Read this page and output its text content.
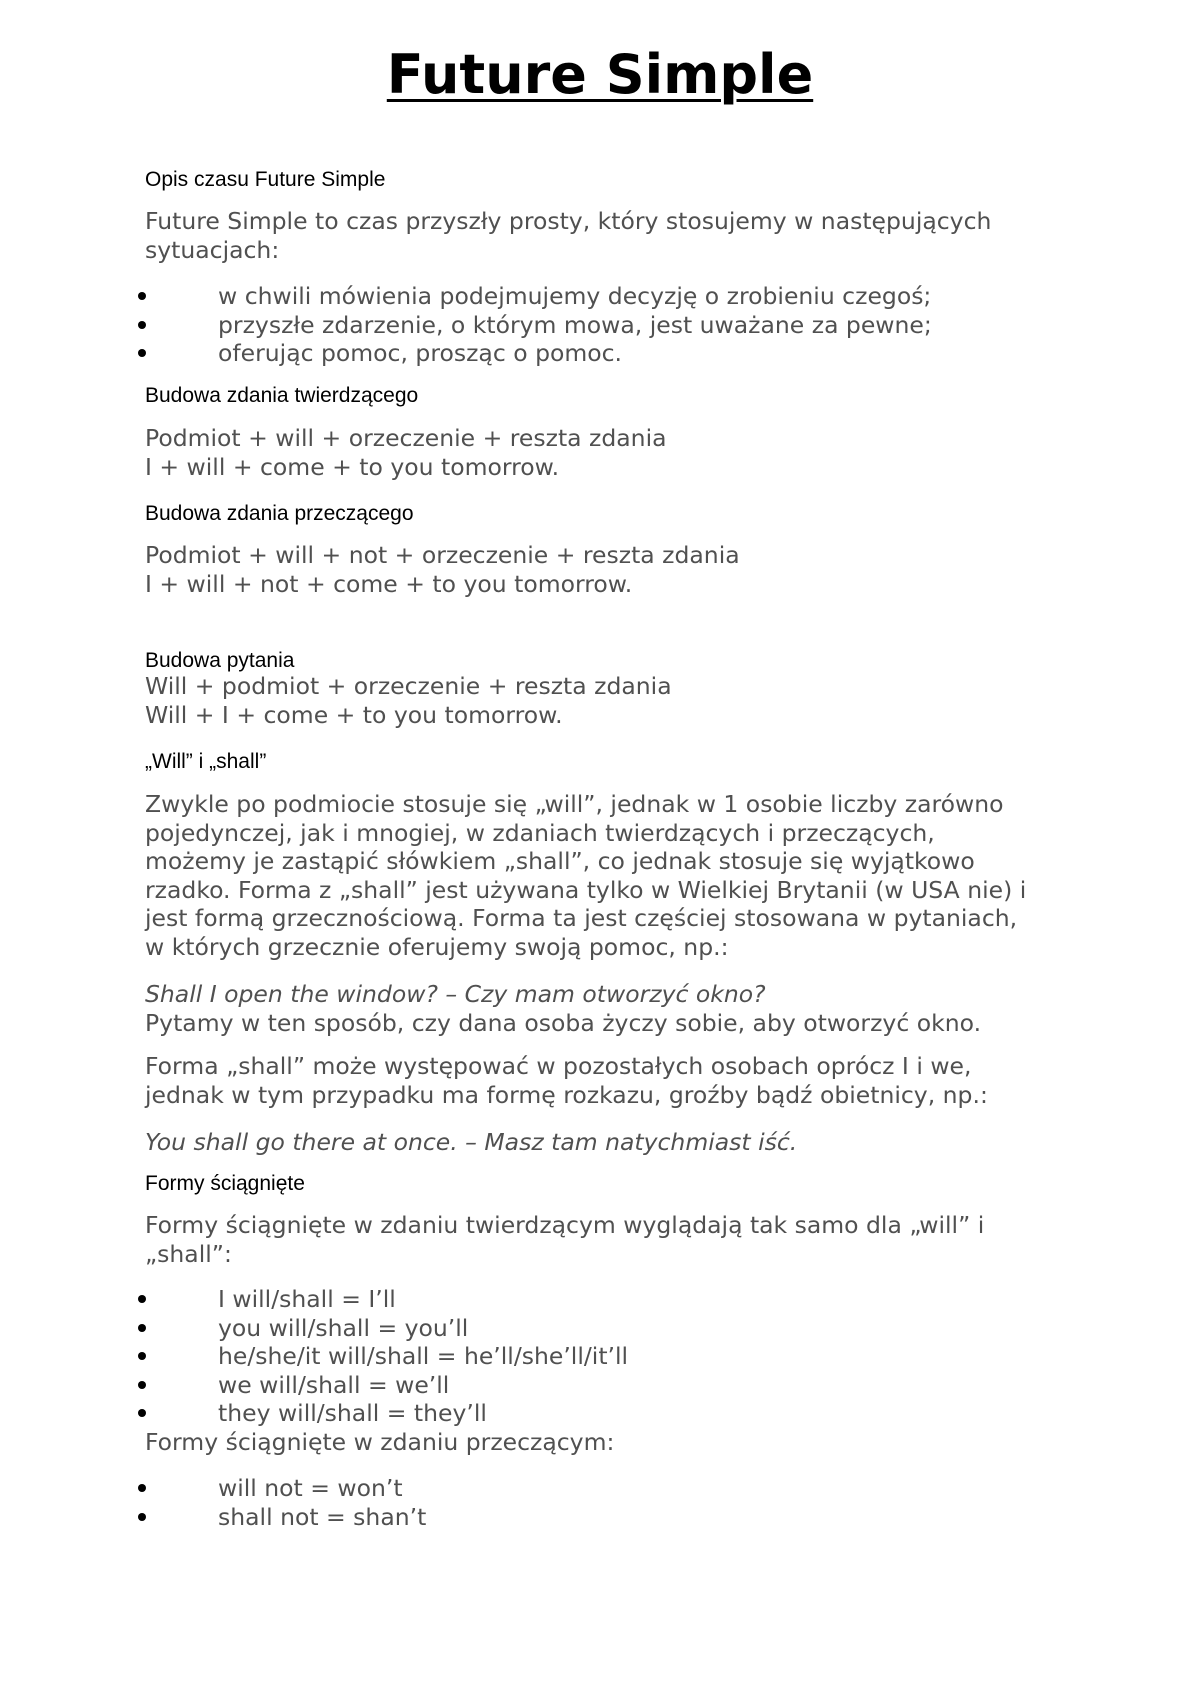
Future Simple
Opis czasu Future Simple

Future Simple to czas przyszły prosty, który stosujemy w następujących
sytuacjach:

w chwili mówienia podejmujemy decyzję o zrobieniu czegoś;
przyszłe zdarzenie, o którym mowa, jest uważane za pewne;
oferując pomoc, prosząc o pomoc.
Budowa zdania twierdzącego

Podmiot + will + orzeczenie + reszta zdania
I + will + come + to you tomorrow.

Budowa zdania przeczącego

Podmiot + will + not + orzeczenie + reszta zdania
I + will + not + come + to you tomorrow.

Budowa pytania

Will + podmiot + orzeczenie + reszta zdania
Will + I + come + to you tomorrow.

„Will” i „shall”

Zwykle po podmiocie stosuje się „will”, jednak w 1 osobie liczby zarówno
pojedynczej, jak i mnogiej, w zdaniach twierdzących i przeczących,
możemy je zastąpić słówkiem „shall”, co jednak stosuje się wyjątkowo
rzadko. Forma z „shall” jest używana tylko w Wielkiej Brytanii (w USA nie) i
jest formą grzecznościową. Forma ta jest częściej stosowana w pytaniach,
w których grzecznie oferujemy swoją pomoc, np.:

Shall I open the window? – Czy mam otworzyć okno?
Pytamy w ten sposób, czy dana osoba życzy sobie, aby otworzyć okno.

Forma „shall” może występować w pozostałych osobach oprócz I i we,
jednak w tym przypadku ma formę rozkazu, groźby bądź obietnicy, np.:

You shall go there at once. – Masz tam natychmiast iść.

Formy ściągnięte

Formy ściągnięte w zdaniu twierdzącym wyglądają tak samo dla „will” i
„shall”:

I will/shall = I’ll
you will/shall = you’ll
he/she/it will/shall = he’ll/she’ll/it’ll
we will/shall = we’ll
they will/shall = they’ll

Formy ściągnięte w zdaniu przeczącym:

will not = won’t
shall not = shan’t
